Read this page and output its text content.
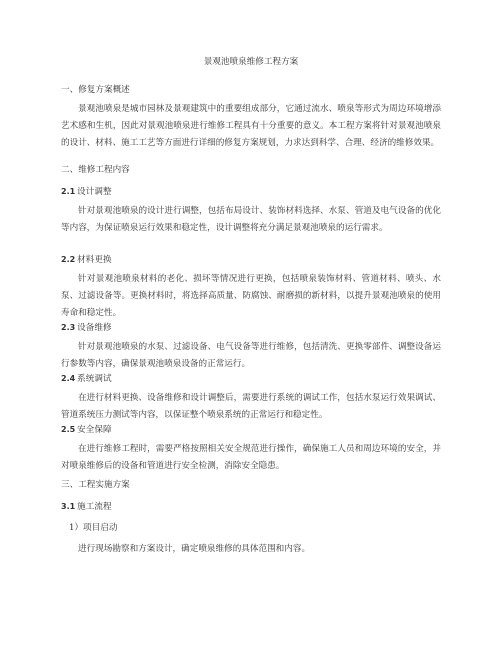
景观池喷泉维修工程方案
一、修复方案概述

景观池喷泉是城市园林及景观建筑中的重要组成部分，它通过流水、喷泉等形式为周边环境增添艺术感和生机，因此对景观池喷泉进行维修工程具有十分重要的意义。本工程方案将针对景观池喷泉的设计、材料、施工工艺等方面进行详细的修复方案规划，力求达到科学、合理、经济的维修效果。

二、维修工程内容
2.1 设计调整

针对景观池喷泉的设计进行调整，包括布局设计、装饰材料选择、水泵、管道及电气设备的优化等内容，为保证喷泉运行效果和稳定性，设计调整将充分满足景观池喷泉的运行需求。

2.2 材料更换

针对景观池喷泉材料的老化、损坏等情况进行更换，包括喷泉装饰材料、管道材料、喷头、水泵、过滤设备等。更换材料时，将选择高质量、防腐蚀、耐磨损的新材料，以提升景观池喷泉的使用寿命和稳定性。

2.3 设备维修

针对景观池喷泉的水泵、过滤设备、电气设备等进行维修，包括清洗、更换零部件、调整设备运行参数等内容，确保景观池喷泉设备的正常运行。

2.4 系统调试

在进行材料更换、设备维修和设计调整后，需要进行系统的调试工作，包括水泵运行效果调试、管道系统压力测试等内容，以保证整个喷泉系统的正常运行和稳定性。

2.5 安全保障

在进行维修工程时，需要严格按照相关安全规范进行操作，确保施工人员和周边环境的安全，并对喷泉维修后的设备和管道进行安全检测，消除安全隐患。

三、工程实施方案
3.1 施工流程
1）项目启动

进行现场勘察和方案设计，确定喷泉维修的具体范围和内容。
